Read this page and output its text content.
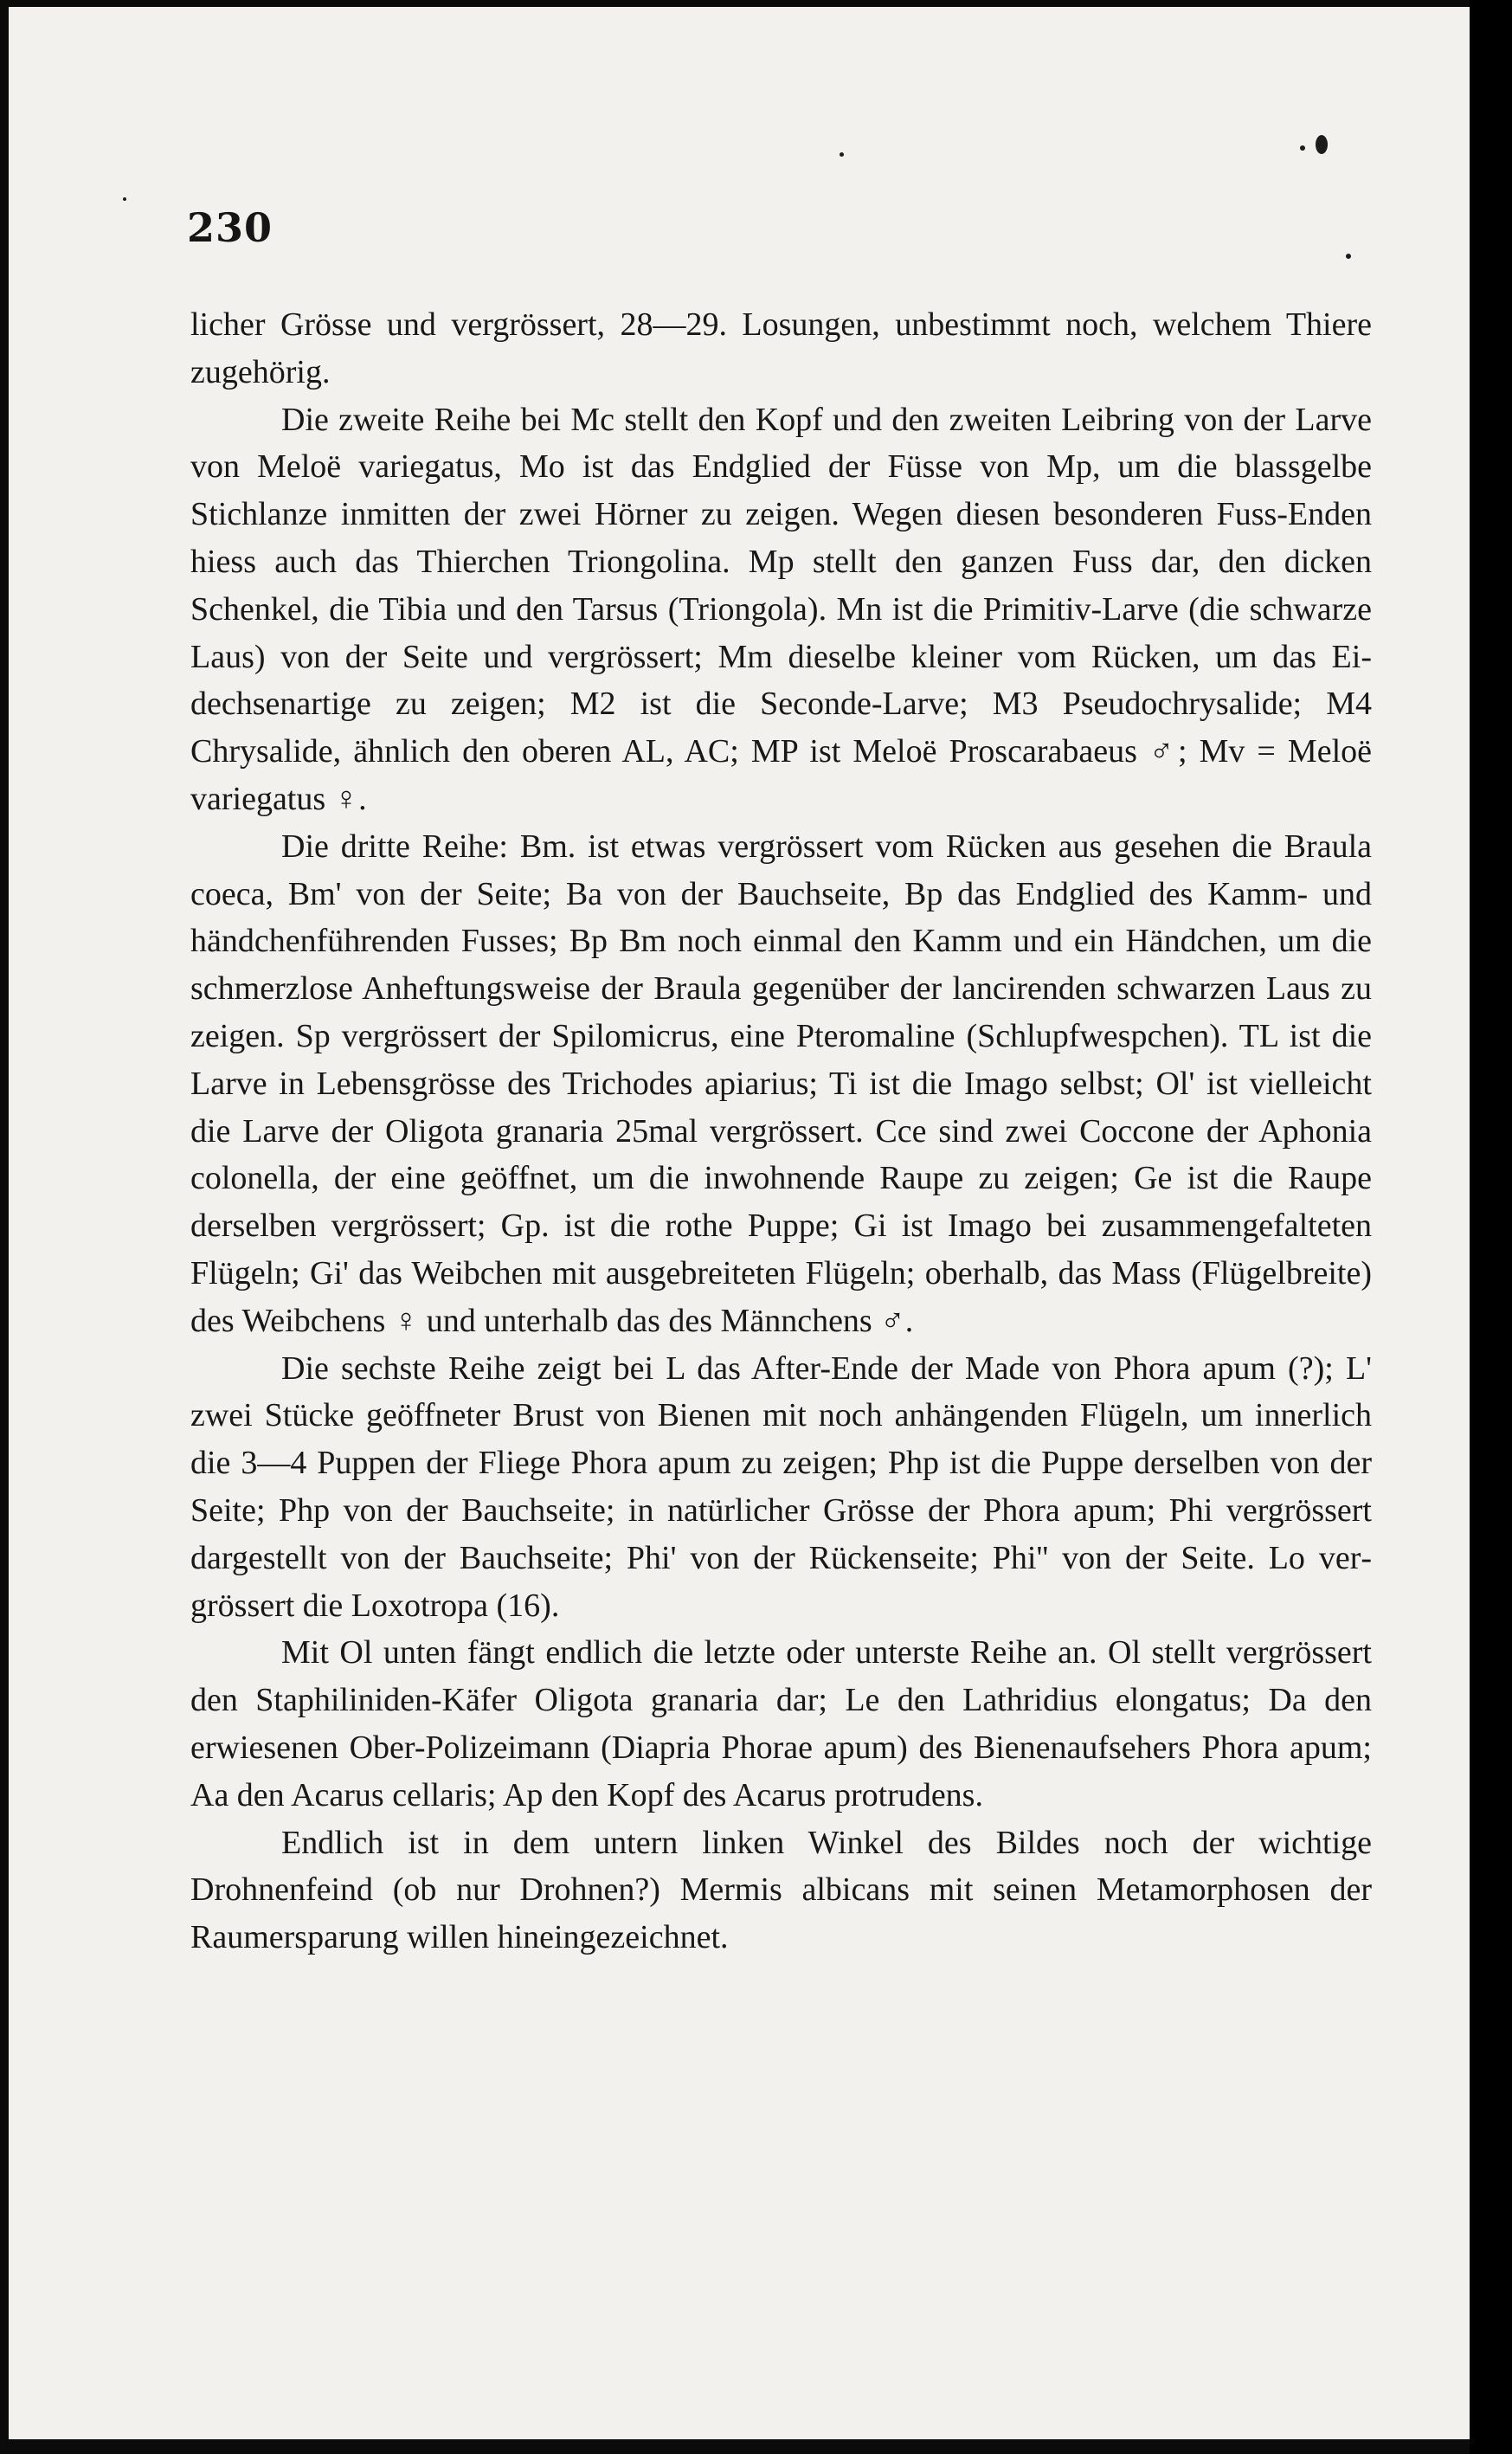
230

licher Grösse und vergrössert, 28—29. Losungen, unbestimmt noch, welchem Thiere zugehörig.

Die zweite Reihe bei Mc stellt den Kopf und den zweiten Leibring von der Larve von Meloë variegatus, Mo ist das Endglied der Füsse von Mp, um die blassgelbe Stichlanze inmitten der zwei Hörner zu zeigen. Wegen diesen besonderen Fuss-Enden hiess auch das Thierchen Triongolina. Mp stellt den ganzen Fuss dar, den dicken Schenkel, die Tibia und den Tarsus (Triongola). Mn ist die Primitiv-Larve (die schwarze Laus) von der Seite und vergrössert; Mm dieselbe kleiner vom Rücken, um das Eidechsenartige zu zeigen; M2 ist die Seconde-Larve; M3 Pseudochrysalide; M4 Chrysalide, ähnlich den oberen AL, AC; MP ist Meloë Proscarabaeus ♂; Mv = Meloë variegatus ♀.

Die dritte Reihe: Bm. ist etwas vergrössert vom Rücken aus gesehen die Braula coeca, Bm' von der Seite; Ba von der Bauchseite, Bp das Endglied des Kamm- und händchenführenden Fusses; Bp Bm noch einmal den Kamm und ein Händchen, um die schmerzlose Anheftungsweise der Braula gegenüber der lancirenden schwarzen Laus zu zeigen. Sp vergrössert der Spilomicrus, eine Pteromaline (Schlupfwespchen). TL ist die Larve in Lebensgrösse des Trichodes apiarius; Ti ist die Imago selbst; Ol' ist vielleicht die Larve der Oligota granaria 25mal vergrössert. Cce sind zwei Coccone der Aphonia colonella, der eine geöffnet, um die inwohnende Raupe zu zeigen; Ge ist die Raupe derselben vergrössert; Gp. ist die rothe Puppe; Gi ist Imago bei zusammengefalteten Flügeln; Gi' das Weibchen mit ausgebreiteten Flügeln; oberhalb, das Mass (Flügelbreite) des Weibchens ♀ und unterhalb das des Männchens ♂.

Die sechste Reihe zeigt bei L das After-Ende der Made von Phora apum (?); L' zwei Stücke geöffneter Brust von Bienen mit noch anhängenden Flügeln, um innerlich die 3—4 Puppen der Fliege Phora apum zu zeigen; Php ist die Puppe derselben von der Seite; Php von der Bauchseite; in natürlicher Grösse der Phora apum; Phi vergrössert dargestellt von der Bauchseite; Phi' von der Rückenseite; Phi'' von der Seite. Lo vergrössert die Loxotropa (16).

Mit Ol unten fängt endlich die letzte oder unterste Reihe an. Ol stellt vergrössert den Staphiliniden-Käfer Oligota granaria dar; Le den Lathridius elongatus; Da den erwiesenen Ober-Polizeimann (Diapria Phorae apum) des Bienenaufsehers Phora apum; Aa den Acarus cellaris; Ap den Kopf des Acarus protrudens.

Endlich ist in dem untern linken Winkel des Bildes noch der wichtige Drohnenfeind (ob nur Drohnen?) Mermis albicans mit seinen Metamorphosen der Raumersparung willen hineingezeichnet.
